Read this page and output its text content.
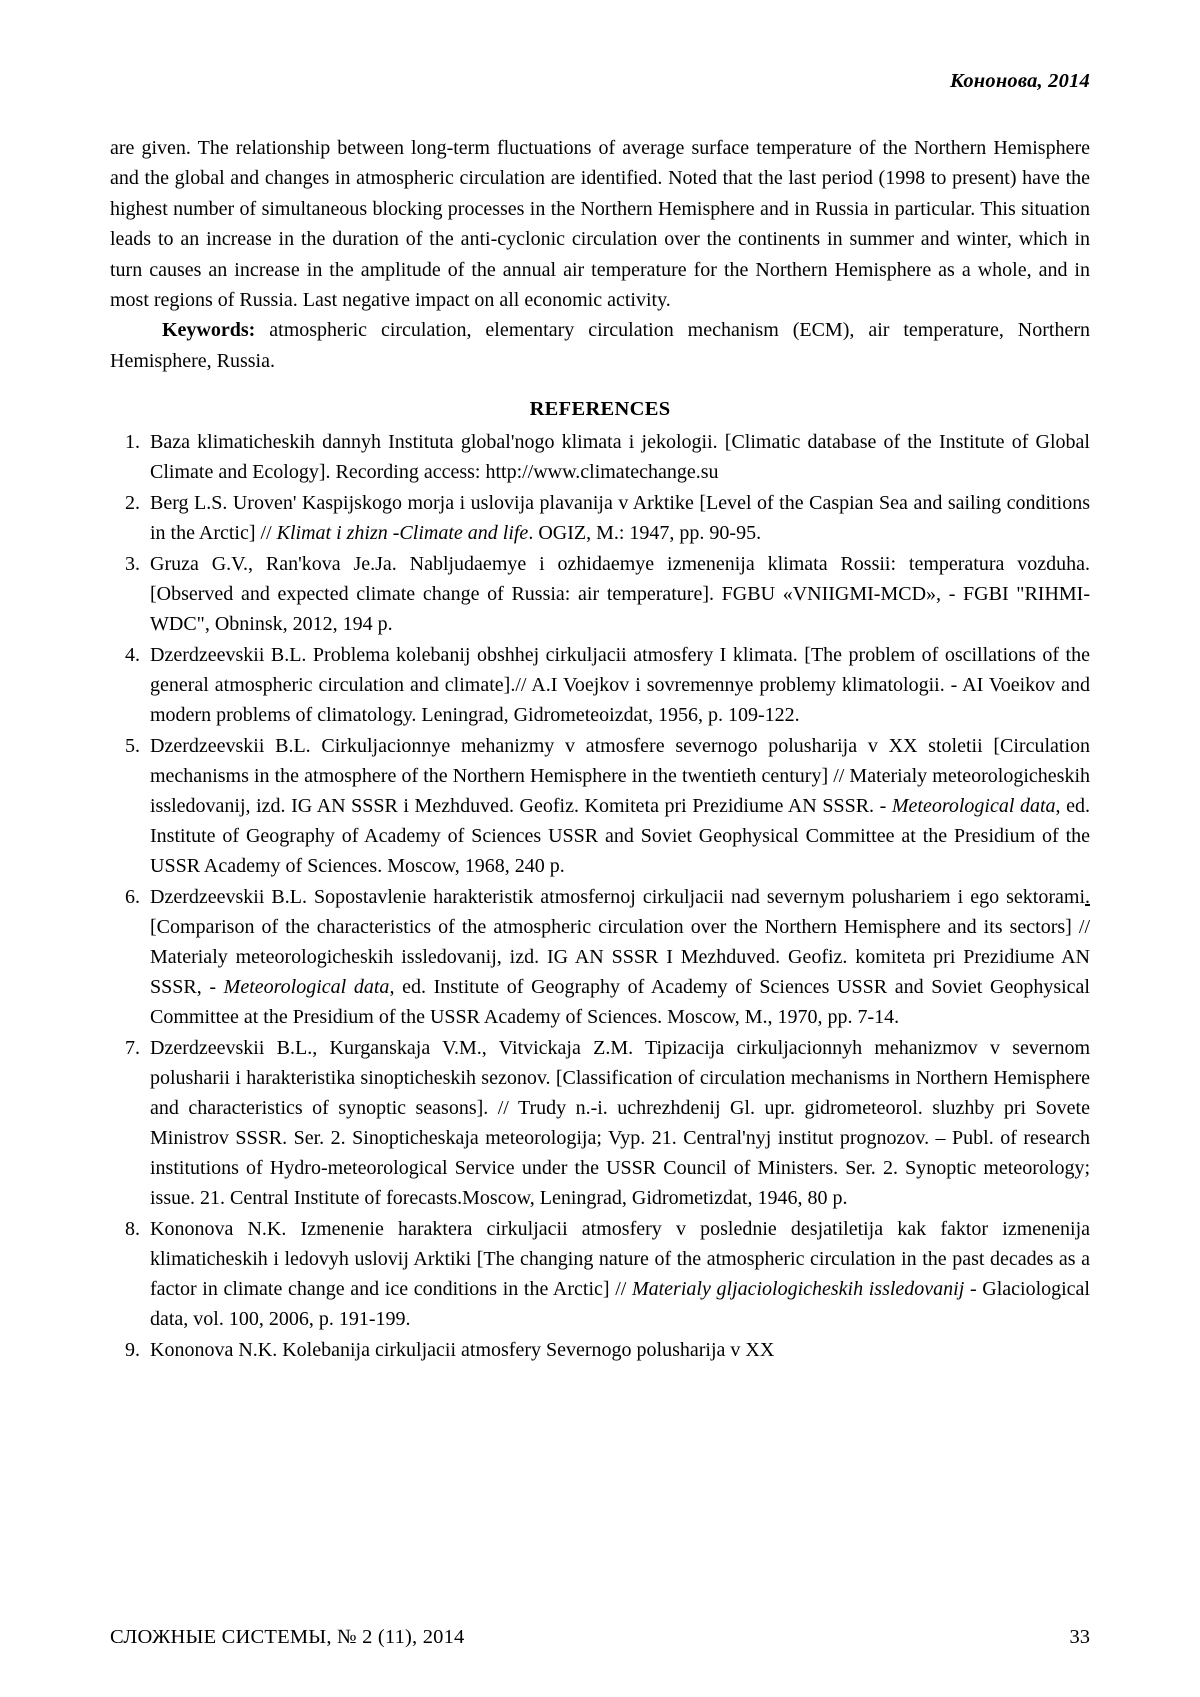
Кононова, 2014

are given. The relationship between long-term fluctuations of average surface temperature of the Northern Hemisphere and the global and changes in atmospheric circulation are identified. Noted that the last period (1998 to present) have the highest number of simultaneous blocking processes in the Northern Hemisphere and in Russia in particular. This situation leads to an increase in the duration of the anti-cyclonic circulation over the continents in summer and winter, which in turn causes an increase in the amplitude of the annual air temperature for the Northern Hemisphere as a whole, and in most regions of Russia. Last negative impact on all economic activity.

Keywords: atmospheric circulation, elementary circulation mechanism (ECM), air temperature, Northern Hemisphere, Russia.
REFERENCES
1. Baza klimaticheskih dannyh Instituta global'nogo klimata i jekologii. [Climatic database of the Institute of Global Climate and Ecology]. Recording access: http://www.climatechange.su
2. Berg L.S. Uroven' Kaspijskogo morja i uslovija plavanija v Arktike [Level of the Caspian Sea and sailing conditions in the Arctic] // Klimat i zhizn -Climate and life. OGIZ, M.: 1947, pp. 90-95.
3. Gruza G.V., Ran'kova Je.Ja. Nabljudaemye i ozhidaemye izmenenija klimata Rossii: temperatura vozduha. [Observed and expected climate change of Russia: air temperature]. FGBU «VNIIGMI-MCD», - FGBI "RIHMI-WDC", Obninsk, 2012, 194 p.
4. Dzerdzeevskii B.L. Problema kolebanij obshhej cirkuljacii atmosfery I klimata. [The problem of oscillations of the general atmospheric circulation and climate].// A.I Voejkov i sovremennye problemy klimatologii. - AI Voeikov and modern problems of climatology. Leningrad, Gidrometeoizdat, 1956, p. 109-122.
5. Dzerdzeevskii B.L. Cirkuljacionnye mehanizmy v atmosfere severnogo polusharija v XX stoletii [Circulation mechanisms in the atmosphere of the Northern Hemisphere in the twentieth century] // Materialy meteorologicheskih issledovanij, izd. IG AN SSSR i Mezhduved. Geofiz. Komiteta pri Prezidiume AN SSSR. - Meteorological data, ed. Institute of Geography of Academy of Sciences USSR and Soviet Geophysical Committee at the Presidium of the USSR Academy of Sciences. Moscow, 1968, 240 p.
6. Dzerdzeevskii B.L. Sopostavlenie harakteristik atmosfernoj cirkuljacii nad severnym polushariem i ego sektorami. [Comparison of the characteristics of the atmospheric circulation over the Northern Hemisphere and its sectors] // Materialy meteorologicheskih issledovanij, izd. IG AN SSSR I Mezhduved. Geofiz. komiteta pri Prezidiume AN SSSR, - Meteorological data, ed. Institute of Geography of Academy of Sciences USSR and Soviet Geophysical Committee at the Presidium of the USSR Academy of Sciences. Moscow, M., 1970, pp. 7-14.
7. Dzerdzeevskii B.L., Kurganskaja V.M., Vitvickaja Z.M. Tipizacija cirkuljacionnyh mehanizmov v severnom polusharii i harakteristika sinopticheskih sezonov. [Classification of circulation mechanisms in Northern Hemisphere and characteristics of synoptic seasons]. // Trudy n.-i. uchrezhdenij Gl. upr. gidrometeorol. sluzhby pri Sovete Ministrov SSSR. Ser. 2. Sinopticheskaja meteorologija; Vyp. 21. Central'nyj institut prognozov. – Publ. of research institutions of Hydro-meteorological Service under the USSR Council of Ministers. Ser. 2. Synoptic meteorology; issue. 21. Central Institute of forecasts.Moscow, Leningrad, Gidrometizdat, 1946, 80 p.
8. Kononova N.K. Izmenenie haraktera cirkuljacii atmosfery v poslednie desjatiletija kak faktor izmenenija klimaticheskih i ledovyh uslovij Arktiki [The changing nature of the atmospheric circulation in the past decades as a factor in climate change and ice conditions in the Arctic] // Materialy gljaciologicheskih issledovanij - Glaciological data, vol. 100, 2006, p. 191-199.
9. Kononova N.K. Kolebanija cirkuljacii atmosfery Severnogo polusharija v XX
СЛОЖНЫЕ СИСТЕМЫ, № 2 (11), 2014	33
